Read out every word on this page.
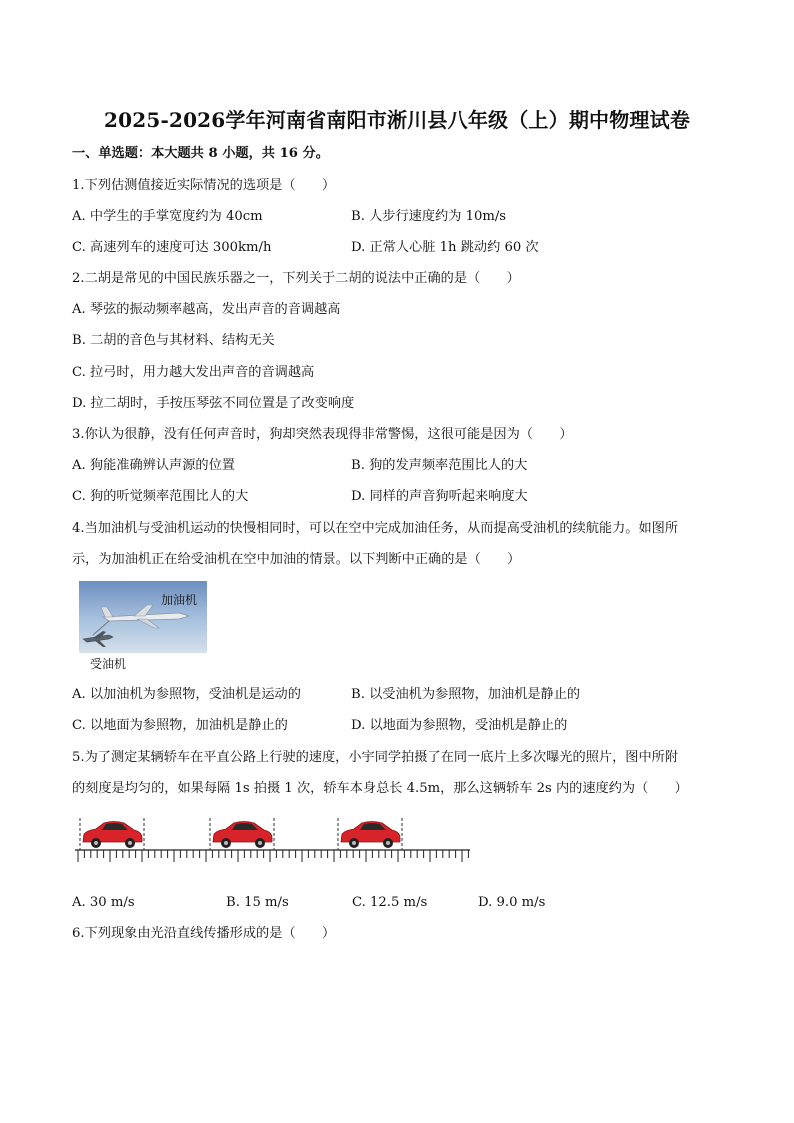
2025-2026学年河南省南阳市淅川县八年级（上）期中物理试卷
一、单选题：本大题共 8 小题，共 16 分。
1.下列估测值接近实际情况的选项是（　　）
A. 中学生的手掌宽度约为 40cm	B. 人步行速度约为 10m/s
C. 高速列车的速度可达 300km/h	D. 正常人心脏 1h 跳动约 60 次
2.二胡是常见的中国民族乐器之一，下列关于二胡的说法中正确的是（　　）
A. 琴弦的振动频率越高，发出声音的音调越高
B. 二胡的音色与其材料、结构无关
C. 拉弓时，用力越大发出声音的音调越高
D. 拉二胡时，手按压琴弦不同位置是了改变响度
3.你认为很静，没有任何声音时，狗却突然表现得非常警惕，这很可能是因为（　　）
A. 狗能准确辨认声源的位置	B. 狗的发声频率范围比人的大
C. 狗的听觉频率范围比人的大	D. 同样的声音狗听起来响度大
4.当加油机与受油机运动的快慢相同时，可以在空中完成加油任务，从而提高受油机的续航能力。如图所
示，为加油机正在给受油机在空中加油的情景。以下判断中正确的是（　　）
加油机
受油机
A. 以加油机为参照物，受油机是运动的	B. 以受油机为参照物，加油机是静止的
C. 以地面为参照物，加油机是静止的	D. 以地面为参照物，受油机是静止的
5.为了测定某辆轿车在平直公路上行驶的速度，小宇同学拍摄了在同一底片上多次曝光的照片，图中所附
的刻度是均匀的，如果每隔 1s 拍摄 1 次，轿车本身总长 4.5m，那么这辆轿车 2s 内的速度约为（　　）
A. 30 m/s	B. 15 m/s	C. 12.5 m/s	D. 9.0 m/s
6.下列现象由光沿直线传播形成的是（　　）
